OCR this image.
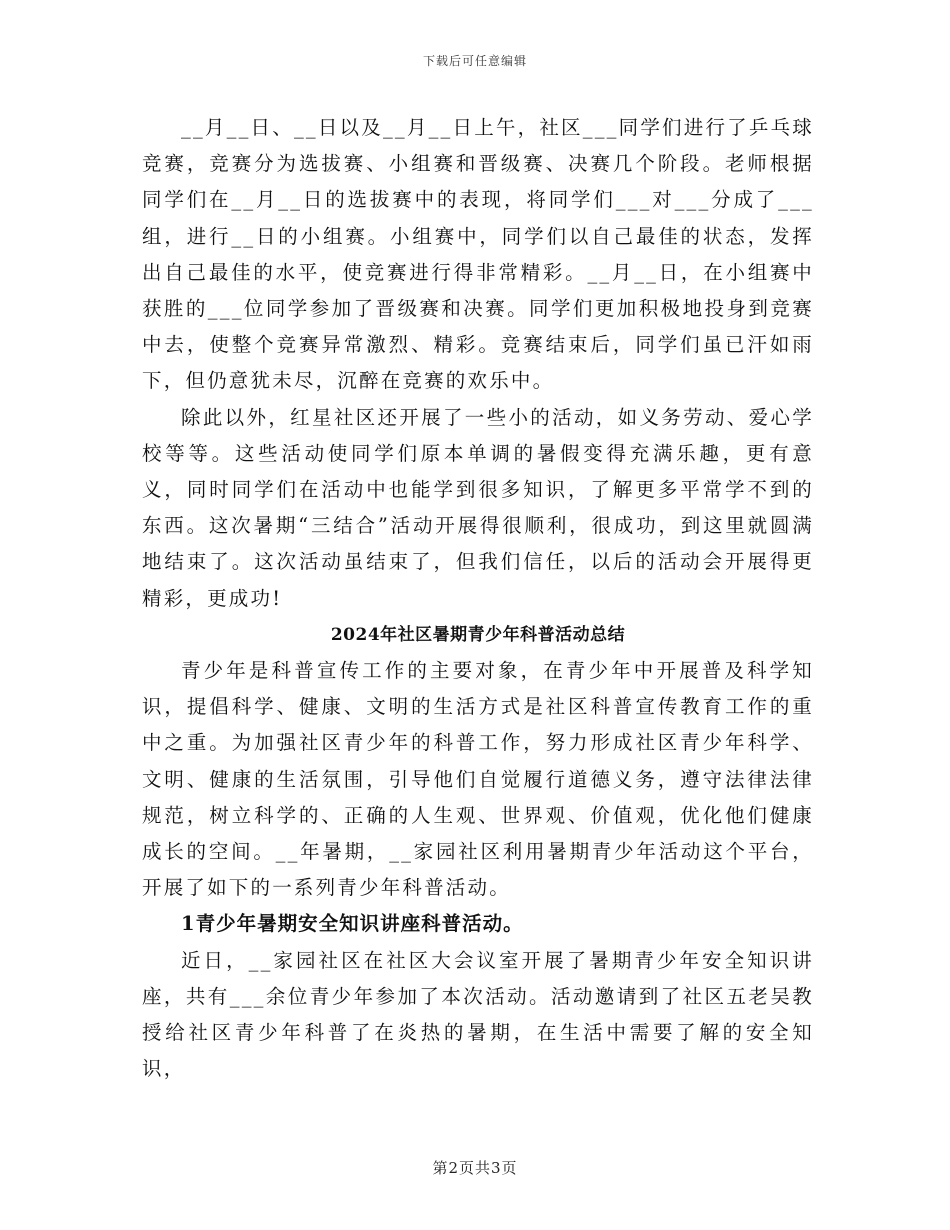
下载后可任意编辑

__月__日、__日以及__月__日上午，社区___同学们进行了乒乓球竞赛，竞赛分为选拔赛、小组赛和晋级赛、决赛几个阶段。老师根据同学们在__月__日的选拔赛中的表现，将同学们___对___分成了___组，进行__日的小组赛。小组赛中，同学们以自己最佳的状态，发挥出自己最佳的水平，使竞赛进行得非常精彩。__月__日，在小组赛中获胜的___位同学参加了晋级赛和决赛。同学们更加积极地投身到竞赛中去，使整个竞赛异常激烈、精彩。竞赛结束后，同学们虽已汗如雨下，但仍意犹未尽，沉醉在竞赛的欢乐中。

除此以外，红星社区还开展了一些小的活动，如义务劳动、爱心学校等等。这些活动使同学们原本单调的暑假变得充满乐趣，更有意义，同时同学们在活动中也能学到很多知识，了解更多平常学不到的东西。这次暑期“三结合”活动开展得很顺利，很成功，到这里就圆满地结束了。这次活动虽结束了，但我们信任，以后的活动会开展得更精彩，更成功!

2024年社区暑期青少年科普活动总结

青少年是科普宣传工作的主要对象，在青少年中开展普及科学知识，提倡科学、健康、文明的生活方式是社区科普宣传教育工作的重中之重。为加强社区青少年的科普工作，努力形成社区青少年科学、文明、健康的生活氛围，引导他们自觉履行道德义务，遵守法律法律规范，树立科学的、正确的人生观、世界观、价值观，优化他们健康成长的空间。__年暑期，__家园社区利用暑期青少年活动这个平台，开展了如下的一系列青少年科普活动。

1青少年暑期安全知识讲座科普活动。

近日，__家园社区在社区大会议室开展了暑期青少年安全知识讲座，共有___余位青少年参加了本次活动。活动邀请到了社区五老吴教授给社区青少年科普了在炎热的暑期，在生活中需要了解的安全知识，

第2页共3页
